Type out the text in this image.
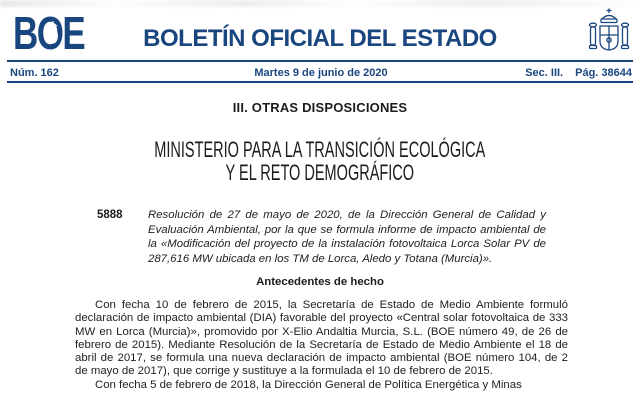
BOE	BOLETÍN OFICIAL DEL ESTADO
Núm. 162	Martes 9 de junio de 2020	Sec. III. Pág. 38644
III. OTRAS DISPOSICIONES
MINISTERIO PARA LA TRANSICIÓN ECOLÓGICA
Y EL RETO DEMOGRÁFICO
5888 Resolución de 27 de mayo de 2020, de la Dirección General de Calidad y Evaluación Ambiental, por la que se formula informe de impacto ambiental de la «Modificación del proyecto de la instalación fotovoltaica Lorca Solar PV de 287,616 MW ubicada en los TM de Lorca, Aledo y Totana (Murcia)».
Antecedentes de hecho

Con fecha 10 de febrero de 2015, la Secretaría de Estado de Medio Ambiente formuló declaración de impacto ambiental (DIA) favorable del proyecto «Central solar fotovoltaica de 333 MW en Lorca (Murcia)», promovido por X-Elio Andaltia Murcia, S.L. (BOE número 49, de 26 de febrero de 2015). Mediante Resolución de la Secretaría de Estado de Medio Ambiente el 18 de abril de 2017, se formula una nueva declaración de impacto ambiental (BOE número 104, de 2 de mayo de 2017), que corrige y sustituye a la formulada el 10 de febrero de 2015.

Con fecha 5 de febrero de 2018, la Dirección General de Política Energética y Minas
